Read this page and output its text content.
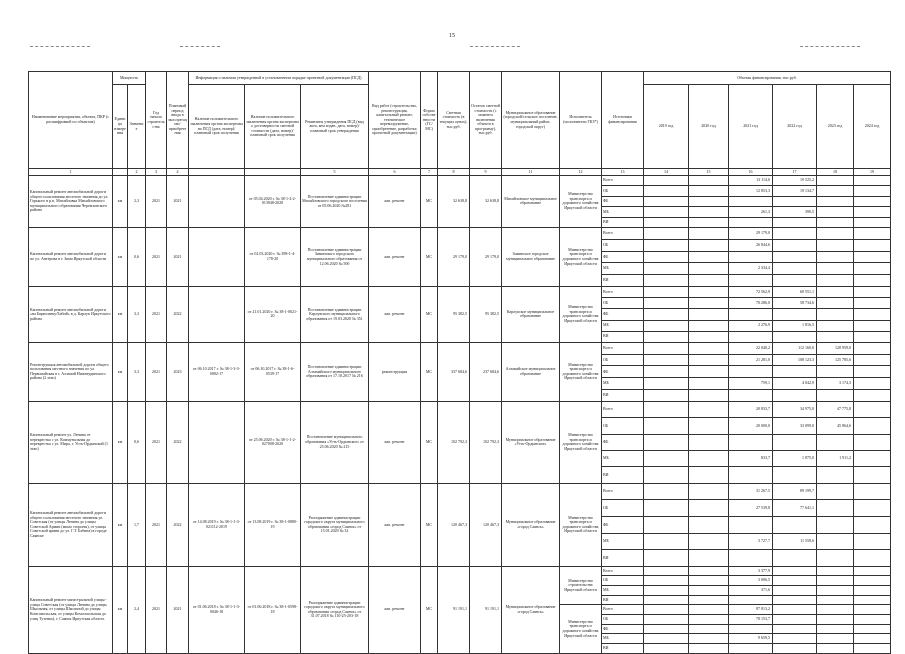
15
Наименование мероприятия, объекта, ПКР (с расшифровкой по объектам)	Мощность		Год начала строительства	Плановый период ввода в эксплуатацию/приобретения	Информация о наличии утвержденной в установленном порядке проектной документации (ПСД)			Вид работ (строительство, реконструкция, капитальный ремонт, техническое перевооружение, приобретение, разработка проектной документации)	Форма собственности (ГС/МС)	Сметная стоимость (в текущих ценах), тыс.руб.	Остаток сметной стоимости (с момента включения объекта в программу), тыс.руб.	Муниципальное образование (городской/сельское поселение, муниципальный район, городской округ)	Исполнитель (исполнители ГКЗ*)	Источники финансирования	Объемы финансирования, тыс.руб.					
	Единица измерения	Значение			Наличие положительного заключения органа экспертизы на ПСД (дата, номер)/плановый срок получения	Наличие положительного заключения органа экспертизы о достоверности сметной стоимости (дата, номер)/плановый срок получения	Реквизиты утверждения ПСД (вид акта, кем издан, дата, номер)/плановый срок утверждения								2019 год	2020 год	2021 год	2022 год	2023 год	2024 год
1		2	3	4			5	6	7	8	9	11	12	13	14	15	16	17	18	19
Капитальный ремонт автомобильной дороги общего пользования местного значения до ул. Горького в р.п. Михайловка Михайловского муниципального образования Черемховского района	км	2,3	2021	2021		от 05.04.2020 г. № 38-1-2-2-013948-2020	Постановление администрации Михайловского городского поселения от 05.06.2020 №281	кап. ремонт	МС	32 638,8	32 638,8	Михайловское муниципальное образование	Министерство транспорта и дорожного хозяйства Иркутской области	Всего			13 114,6	19 525,2		
														ОБ			12 853,3	19 134,7		
														ФБ						
														МБ			261,3	390,5		
														ВИ						
Капитальный ремонт автомобильной дороги по ул. Антерова в г. Зима Иркутской области	км	0,6	2021	2021		от 02.03.2020 г. № 398-1-4-178-20	Постановление администрации Зиминского городского муниципального образования от 12.06.2020 № 500	кап. ремонт	МС	29 179,0	29 179,0	Зиминское городское муниципальное образование	Министерство транспорта и дорожного хозяйства Иркутской области	Всего			29 179,0			
														ОБ			26 844,6			
														ФБ						
														МБ			2 334,4			
														ВИ						
Капитальный ремонт автомобильной дороги «на Бирюсинку/Бабий» в д. Карлук Иркутского района	км	3,3	2021	2022		от 21.01.2020 г. № 38-1-0021-20	Постановление администрации Карлукского муниципального образования от 19.03.2020 № 351	кап. ремонт	МС	95 382,5	95 382,5	Карлукское муниципальное образование	Министерство транспорта и дорожного хозяйства Иркутской области	Всего			72 562,9	60 551,1		
														ОБ			70 286,0	58 734,6		
														ФБ						
														МБ			2 276,9	1 816,5		
														ВИ						
Реконструкция автомобильной дороги общего пользования местного значения по ул. Первомайская в г. Алзамай Нижнеудинского района (2 этап)	км	3,3	2021	2023	от 06.10.2017 г. № 38-1-3-3-0082-17	от 06.10.2017 г. № 38-1-6-0539-17	Постановление администрации Алзамайского муниципального образования от 17.10.2017 № 216	реконструкция	МС	337 684,6	237 684,6	Алзамайское муниципальное образование	Министерство транспорта и дорожного хозяйства Иркутской области	Всего			22 040,2	112 160,0	128 959,0	
														ОБ			21 281,0	108 123,3	125 785,6	
														ФБ						
														МБ			759,1	4 042,9	3 174,3	
														ВИ						
Капитальный ремонт ул. Ленина от перекрестка с ул. Коммунальная до перекрестка с ул. Мира, г. Усть-Ордынский (1 этап)	км	0,6	2021	2022		от 25.06.2020 г. № 38-1-1-2-027008-2020	Постановление муниципального образования «Усть-Ордынское» от 25.06.2020 № 215	кап. ремонт	МС	102 792,3	102 792,3	Муниципальное образование «Усть-Ордынское»	Министерство транспорта и дорожного хозяйства Иркутской области	Всего			20 833,7	34 975,0	47 775,8	
														ОБ			20 000,0	33 099,0	45 864,6	
														ФБ						
														МБ			833,7	1 875,0	1 911,2	
														ВИ						
Капитальный ремонт автомобильной дороги общего пользования местного значения ул. Советская (от улицы Ленина до улицы Советской Армии (мимо стороны), от улицы Советской армии до ул. Г.Т. Бабина) в городе Саянске	км	1,7	2021	2022	от 14.08.2019 г. № 38-1-1-3-021112-2019	от 13.08.2019 г. № 38-1-0880-19	Распоряжение администрации городского округа муниципального образования «город Саянск» от 15.01.2020 № 32	кап. ремонт	МС	120 467,3	120 467,3	Муниципальное образование «город Саянск»	Министерство транспорта и дорожного хозяйства Иркутской области	Всего			31 267,5	89 199,7		
														ОБ			27 539,8	77 641,1		
														ФБ						
														МБ			3 727,7	11 558,6		
														ВИ						
Капитальный ремонт магистральной улицы - улица Советская (от улицы Ленина до улицы Школьная, от улицы Школьной до улицы Комсомольская, от улицы Комсомольская до улиц Тутенко), г. Саянск Иркутская область	км	2,4	2021	2021	от 01.06.2018 г. № 38-1-1-3-0046-18	от 01.06.2018 г. № 38-1-0598-18	Распоряжение администрации городского округа муниципального образования «город Саянск» от 31.07.2018 № 110-25-203-18	кап. ремонт	МС	91 191,1	91 191,1	Муниципальное образование «город Саянск»	Министерство строительства Иркутской области	Всего			3 377,9			
														ОБ			3 006,5			
														МБ			371,6			
														ВИ						
													Министерство транспорта и дорожного хозяйства Иркутской области	Всего			87 813,2			
														ОБ			78 153,7			
														ФБ						
														МБ			9 659,5			
														ВИ						
